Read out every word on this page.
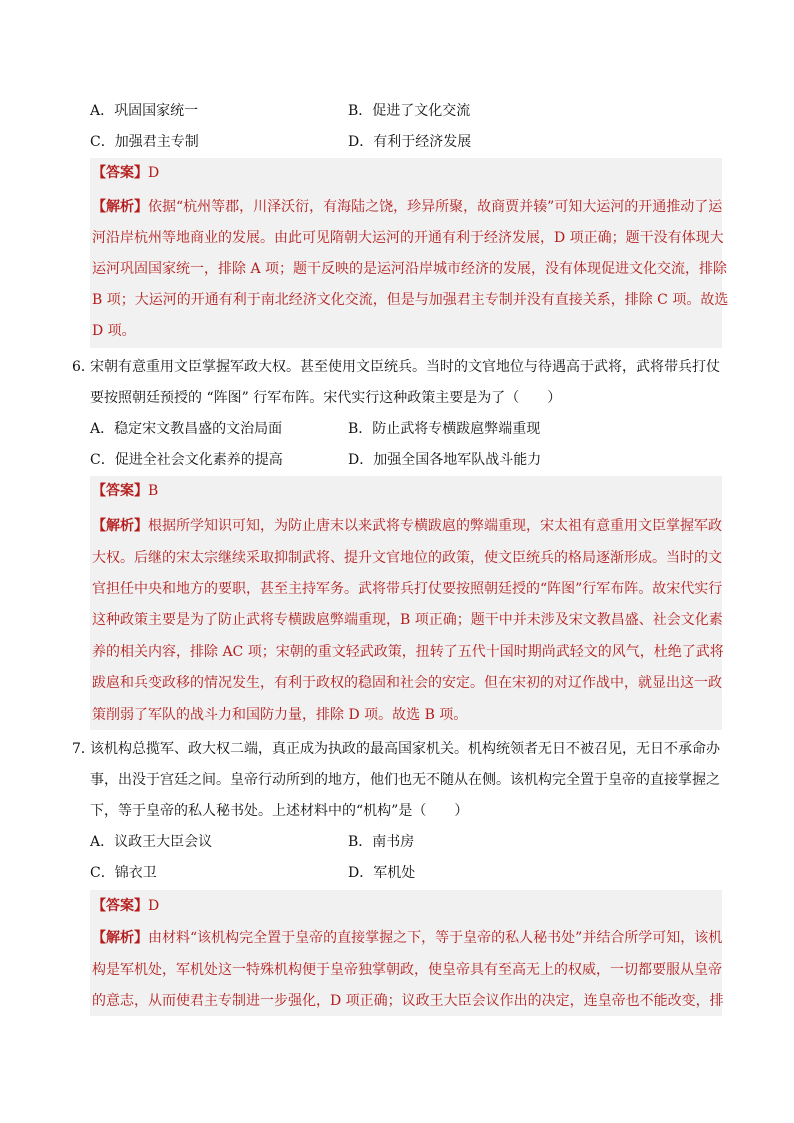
A．巩固国家统一	B．促进了文化交流
C．加强君主专制	D．有利于经济发展
【答案】D
【解析】依据“杭州等郡，川泽沃衍，有海陆之饶，珍异所聚，故商贾并辏”可知大运河的开通推动了运
河沿岸杭州等地商业的发展。由此可见隋朝大运河的开通有利于经济发展，D 项正确；题干没有体现大
运河巩固国家统一，排除 A 项；题干反映的是运河沿岸城市经济的发展，没有体现促进文化交流，排除
B 项；大运河的开通有利于南北经济文化交流，但是与加强君主专制并没有直接关系，排除 C 项。故选
D 项。
6．
宋朝有意重用文臣掌握军政大权。甚至使用文臣统兵。当时的文官地位与待遇高于武将，武将带兵打仗
要按照朝廷预授的 “阵图” 行军布阵。宋代实行这种政策主要是为了（　　）
A．稳定宋文教昌盛的文治局面	B．防止武将专横跋扈弊端重现
C．促进全社会文化素养的提高	D．加强全国各地军队战斗能力
【答案】B
【解析】根据所学知识可知，为防止唐末以来武将专横跋扈的弊端重现，宋太祖有意重用文臣掌握军政
大权。后继的宋太宗继续采取抑制武将、提升文官地位的政策，使文臣统兵的格局逐渐形成。当时的文
官担任中央和地方的要职，甚至主持军务。武将带兵打仗要按照朝廷授的“阵图”行军布阵。故宋代实行
这种政策主要是为了防止武将专横跋扈弊端重现，B 项正确；题干中并未涉及宋文教昌盛、社会文化素
养的相关内容，排除 AC 项；宋朝的重文轻武政策，扭转了五代十国时期尚武轻文的风气，杜绝了武将
跋扈和兵变政移的情况发生，有利于政权的稳固和社会的安定。但在宋初的对辽作战中，就显出这一政
策削弱了军队的战斗力和国防力量，排除 D 项。故选 B 项。
7．
该机构总揽军、政大权二端，真正成为执政的最高国家机关。机构统领者无日不被召见，无日不承命办
事，出没于宫廷之间。皇帝行动所到的地方，他们也无不随从在侧。该机构完全置于皇帝的直接掌握之
下，等于皇帝的私人秘书处。上述材料中的“机构”是（　　）
A．议政王大臣会议	B．南书房
C．锦衣卫	D．军机处
【答案】D
【解析】由材料“该机构完全置于皇帝的直接掌握之下，等于皇帝的私人秘书处”并结合所学可知，该机
构是军机处，军机处这一特殊机构便于皇帝独掌朝政，使皇帝具有至高无上的权威，一切都要服从皇帝
的意志，从而使君主专制进一步强化，D 项正确；议政王大臣会议作出的决定，连皇帝也不能改变，排
